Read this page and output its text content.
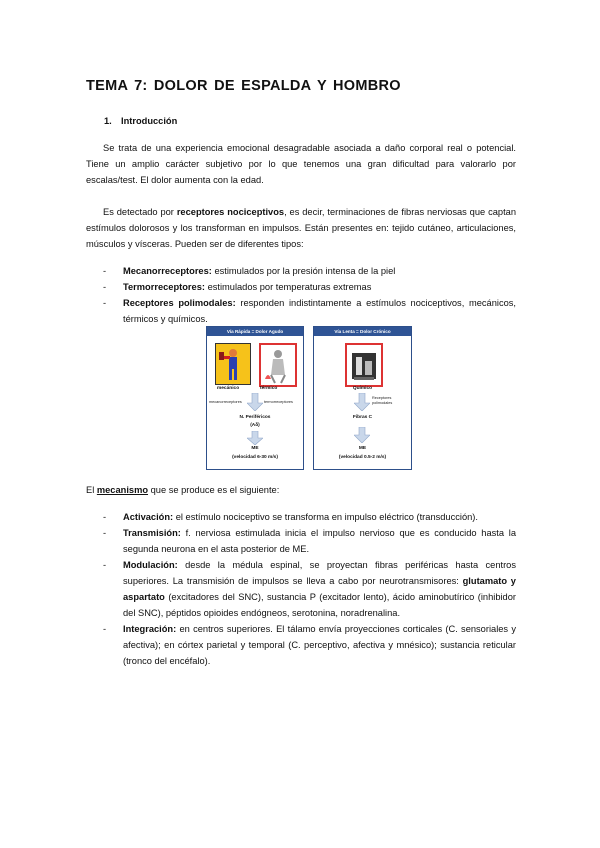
TEMA 7: DOLOR DE ESPALDA Y HOMBRO
1. Introducción

Se trata de una experiencia emocional desagradable asociada a daño corporal real o potencial. Tiene un amplio carácter subjetivo por lo que tenemos una gran dificultad para valorarlo por escalas/test. El dolor aumenta con la edad.

Es detectado por receptores nociceptivos, es decir, terminaciones de fibras nerviosas que captan estímulos dolorosos y los transforman en impulsos. Están presentes en: tejido cutáneo, articulaciones, músculos y vísceras. Pueden ser de diferentes tipos:

- Mecanorreceptores: estimulados por la presión intensa de la piel
- Termorreceptores: estimulados por temperaturas extremas
- Receptores polimodales: responden indistintamente a estímulos nociceptivos, mecánicos, térmicos y químicos.
Vía Rápida = Dolor Agudo
mecánico	térmico
mecanorreceptores	termorreceptores
N. Periféricos
(Aδ)
ME
(velocidad 6-30 m/s)
Vía Lenta = Dolor Crónico
Químico
Receptores polimodales
Fibras C
ME
(velocidad 0.5-2 m/s)

El mecanismo que se produce es el siguiente:

- Activación: el estímulo nociceptivo se transforma en impulso eléctrico (transducción).
- Transmisión: f. nerviosa estimulada inicia el impulso nervioso que es conducido hasta la segunda neurona en el asta posterior de ME.
- Modulación: desde la médula espinal, se proyectan fibras periféricas hasta centros superiores. La transmisión de impulsos se lleva a cabo por neurotransmisores: glutamato y aspartato (excitadores del SNC), sustancia P (excitador lento), ácido aminobutírico (inhibidor del SNC), péptidos opioides endógneos, serotonina, noradrenalina.
- Integración: en centros superiores. El tálamo envía proyecciones corticales (C. sensoriales y afectiva); en córtex parietal y temporal (C. perceptivo, afectiva y mnésico); sustancia reticular (tronco del encéfalo).
